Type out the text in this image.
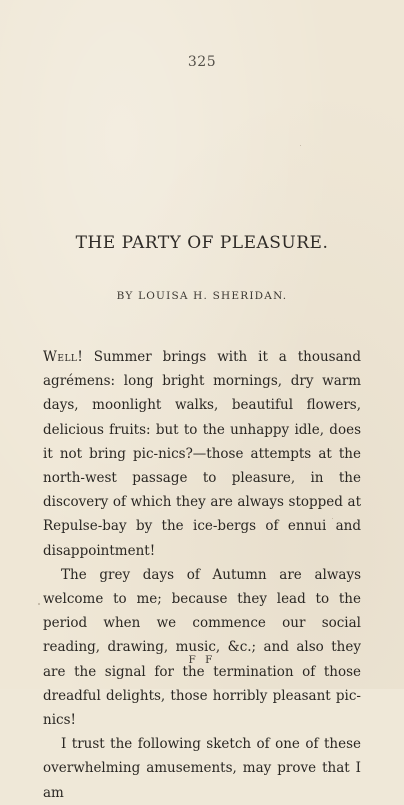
325
THE PARTY OF PLEASURE.
BY LOUISA H. SHERIDAN.

Well! Summer brings with it a thousand agrémens: long bright mornings, dry warm days, moonlight walks, beautiful flowers, delicious fruits: but to the unhappy idle, does it not bring pic-nics?—those attempts at the north-west passage to pleasure, in the discovery of which they are always stopped at Repulse-bay by the ice-bergs of ennui and disappointment!

The grey days of Autumn are always welcome to me; because they lead to the period when we commence our social reading, drawing, music, &c.; and also they are the signal for the termination of those dreadful delights, those horribly pleasant pic-nics!

I trust the following sketch of one of these overwhelming amusements, may prove that I am

F F
